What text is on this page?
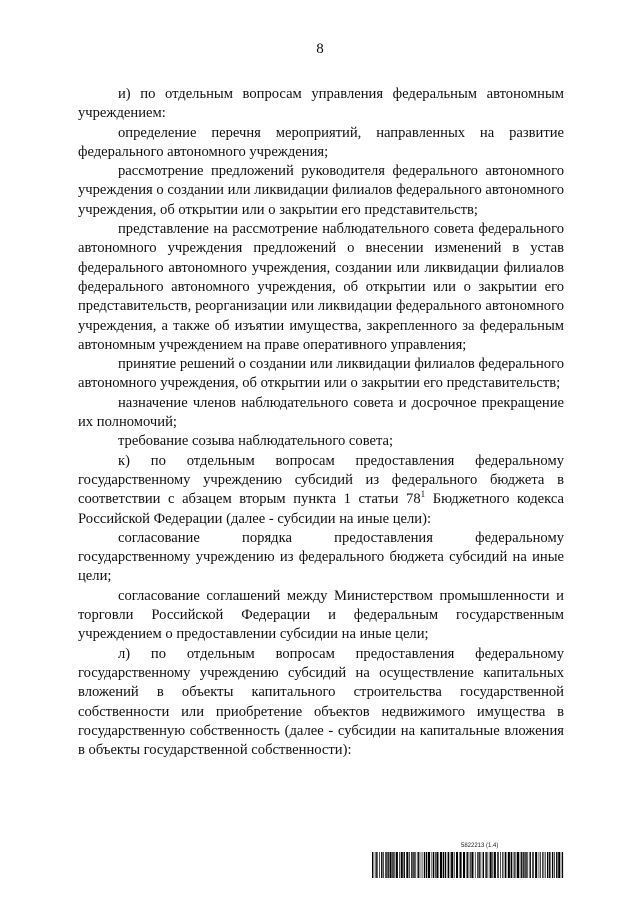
8

и) по отдельным вопросам управления федеральным автономным учреждением:

определение перечня мероприятий, направленных на развитие федерального автономного учреждения;

рассмотрение предложений руководителя федерального автономного учреждения о создании или ликвидации филиалов федерального автономного учреждения, об открытии или о закрытии его представительств;

представление на рассмотрение наблюдательного совета федерального автономного учреждения предложений о внесении изменений в устав федерального автономного учреждения, создании или ликвидации филиалов федерального автономного учреждения, об открытии или о закрытии его представительств, реорганизации или ликвидации федерального автономного учреждения, а также об изъятии имущества, закрепленного за федеральным автономным учреждением на праве оперативного управления;

принятие решений о создании или ликвидации филиалов федерального автономного учреждения, об открытии или о закрытии его представительств;

назначение членов наблюдательного совета и досрочное прекращение их полномочий;

требование созыва наблюдательного совета;

к) по отдельным вопросам предоставления федеральному государственному учреждению субсидий из федерального бюджета в соответствии с абзацем вторым пункта 1 статьи $78^1$ Бюджетного кодекса Российской Федерации (далее - субсидии на иные цели):

согласование порядка предоставления федеральному государственному учреждению из федерального бюджета субсидий на иные цели;

согласование соглашений между Министерством промышленности и торговли Российской Федерации и федеральным государственным учреждением о предоставлении субсидии на иные цели;

л) по отдельным вопросам предоставления федеральному государственному учреждению субсидий на осуществление капитальных вложений в объекты капитального строительства государственной собственности или приобретение объектов недвижимого имущества в государственную собственность (далее - субсидии на капитальные вложения в объекты государственной собственности):

5822213 (1.4)
